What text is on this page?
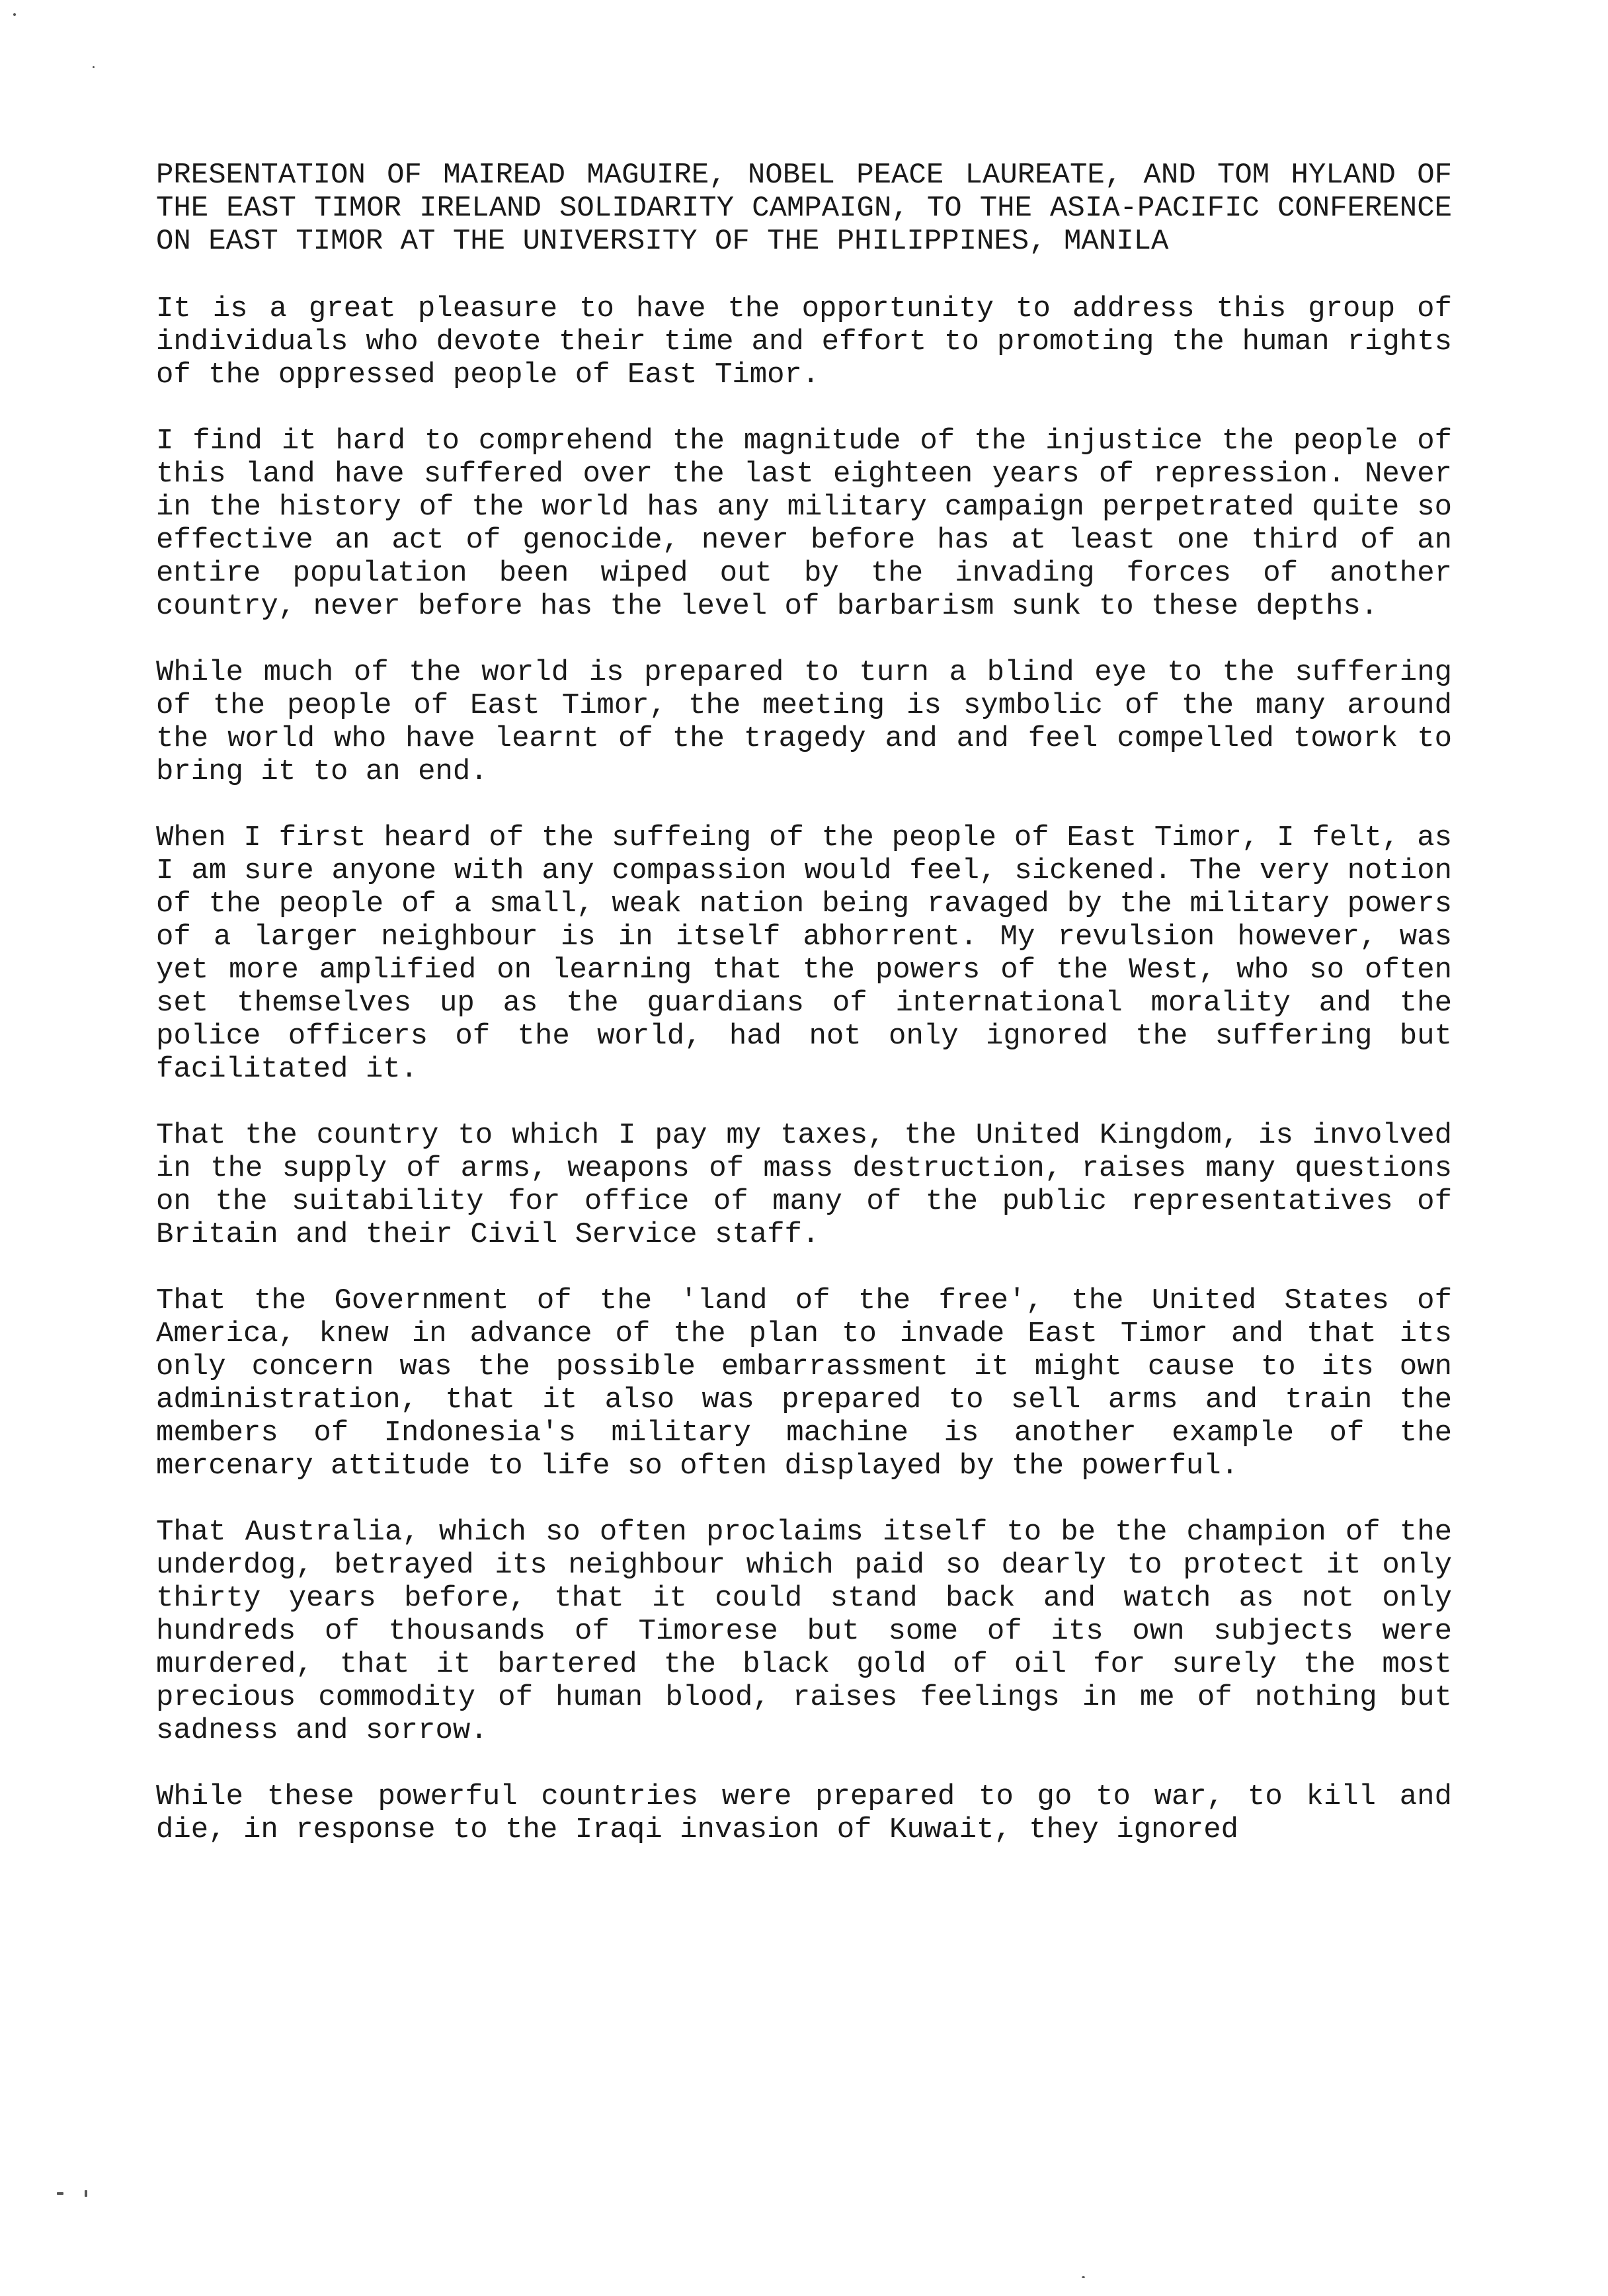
PRESENTATION OF MAIREAD MAGUIRE, NOBEL PEACE LAUREATE, AND TOM HYLAND OF THE EAST TIMOR IRELAND SOLIDARITY CAMPAIGN, TO THE ASIA-PACIFIC CONFERENCE ON EAST TIMOR AT THE UNIVERSITY OF THE PHILIPPINES, MANILA

It is a great pleasure to have the opportunity to address this group of individuals who devote their time and effort to promoting the human rights of the oppressed people of East Timor.

I find it hard to comprehend the magnitude of the injustice the people of this land have suffered over the last eighteen years of repression. Never in the history of the world has any military campaign perpetrated quite so effective an act of genocide, never before has at least one third of an entire population been wiped out by the invading forces of another country, never before has the level of barbarism sunk to these depths.

While much of the world is prepared to turn a blind eye to the suffering of the people of East Timor, the meeting is symbolic of the many around the world who have learnt of the tragedy and and feel compelled towork to bring it to an end.

When I first heard of the suffeing of the people of East Timor, I felt, as I am sure anyone with any compassion would feel, sickened. The very notion of the people of a small, weak nation being ravaged by the military powers of a larger neighbour is in itself abhorrent. My revulsion however, was yet more amplified on learning that the powers of the West, who so often set themselves up as the guardians of international morality and the police officers of the world, had not only ignored the suffering but facilitated it.

That the country to which I pay my taxes, the United Kingdom, is involved in the supply of arms, weapons of mass destruction, raises many questions on the suitability for office of many of the public representatives of Britain and their Civil Service staff.

That the Government of the 'land of the free', the United States of America, knew in advance of the plan to invade East Timor and that its only concern was the possible embarrassment it might cause to its own administration, that it also was prepared to sell arms and train the members of Indonesia's military machine is another example of the mercenary attitude to life so often displayed by the powerful.

That Australia, which so often proclaims itself to be the champion of the underdog, betrayed its neighbour which paid so dearly to protect it only thirty years before, that it could stand back and watch as not only hundreds of thousands of Timorese but some of its own subjects were murdered, that it bartered the black gold of oil for surely the most precious commodity of human blood, raises feelings in me of nothing but sadness and sorrow.

While these powerful countries were prepared to go to war, to kill and die, in response to the Iraqi invasion of Kuwait, they ignored
